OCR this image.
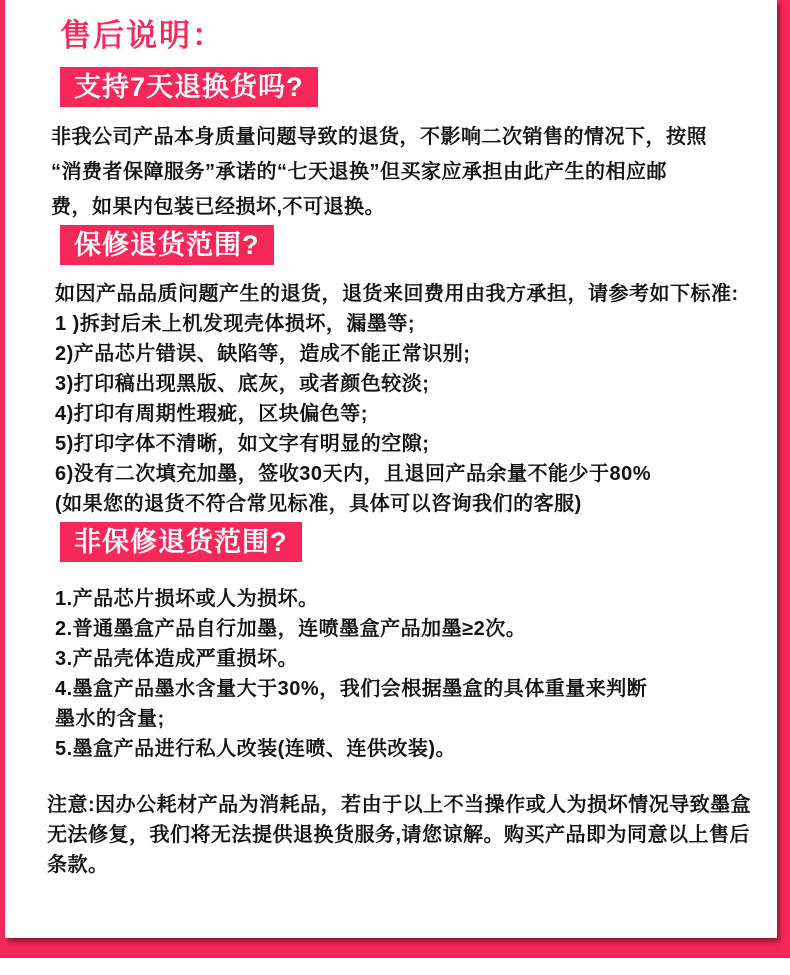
售后说明：
支持7天退换货吗?
非我公司产品本身质量问题导致的退货，不影响二次销售的情况下，按照
“消费者保障服务”承诺的“七天退换”但买家应承担由此产生的相应邮
费，如果内包装已经损坏,不可退换。
保修退货范围?
如因产品品质问题产生的退货，退货来回费用由我方承担，请参考如下标准:
1 )拆封后未上机发现壳体损坏，漏墨等;
2)产品芯片错误、缺陷等，造成不能正常识别;
3)打印稿出现黑版、底灰，或者颜色较淡;
4)打印有周期性瑕疵，区块偏色等;
5)打印字体不清晰，如文字有明显的空隙;
6)没有二次填充加墨，签收30天内，且退回产品余量不能少于80%
(如果您的退货不符合常见标准，具体可以咨询我们的客服)
非保修退货范围?
1.产品芯片损坏或人为损坏。
2.普通墨盒产品自行加墨，连喷墨盒产品加墨≥2次。
3.产品壳体造成严重损坏。
4.墨盒产品墨水含量大于30%，我们会根据墨盒的具体重量来判断
墨水的含量;
5.墨盒产品进行私人改装(连喷、连供改装)。
注意:因办公耗材产品为消耗品，若由于以上不当操作或人为损坏情况导致墨盒
无法修复，我们将无法提供退换货服务,请您谅解。购买产品即为同意以上售后
条款。
